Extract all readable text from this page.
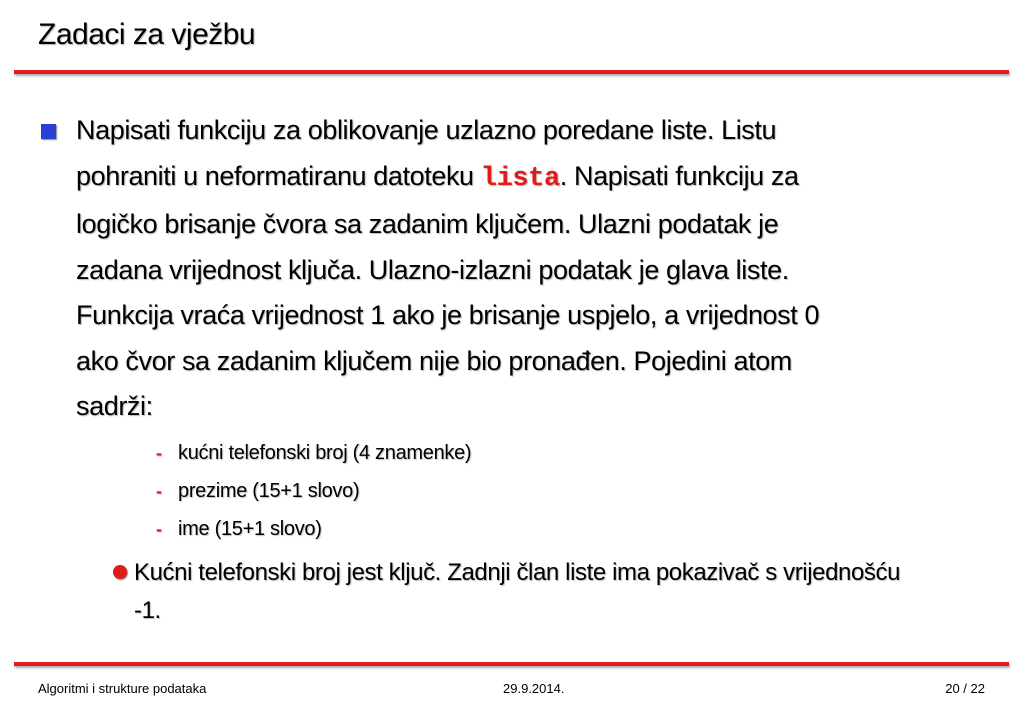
Zadaci za vježbu
Napisati funkciju za oblikovanje uzlazno poredane liste. Listu
pohraniti u neformatiranu datoteku lista. Napisati funkciju za
logičko brisanje čvora sa zadanim ključem. Ulazni podatak je
zadana vrijednost ključa. Ulazno-izlazni podatak je glava liste.
Funkcija vraća vrijednost 1 ako je brisanje uspjelo, a vrijednost 0
ako čvor sa zadanim ključem nije bio pronađen. Pojedini atom
sadrži:
- kućni telefonski broj (4 znamenke)
- prezime (15+1 slovo)
- ime (15+1 slovo)
Kućni telefonski broj jest ključ. Zadnji član liste ima pokazivač s vrijednošću
-1.
Algoritmi i strukture podataka	29.9.2014.	20 / 22
